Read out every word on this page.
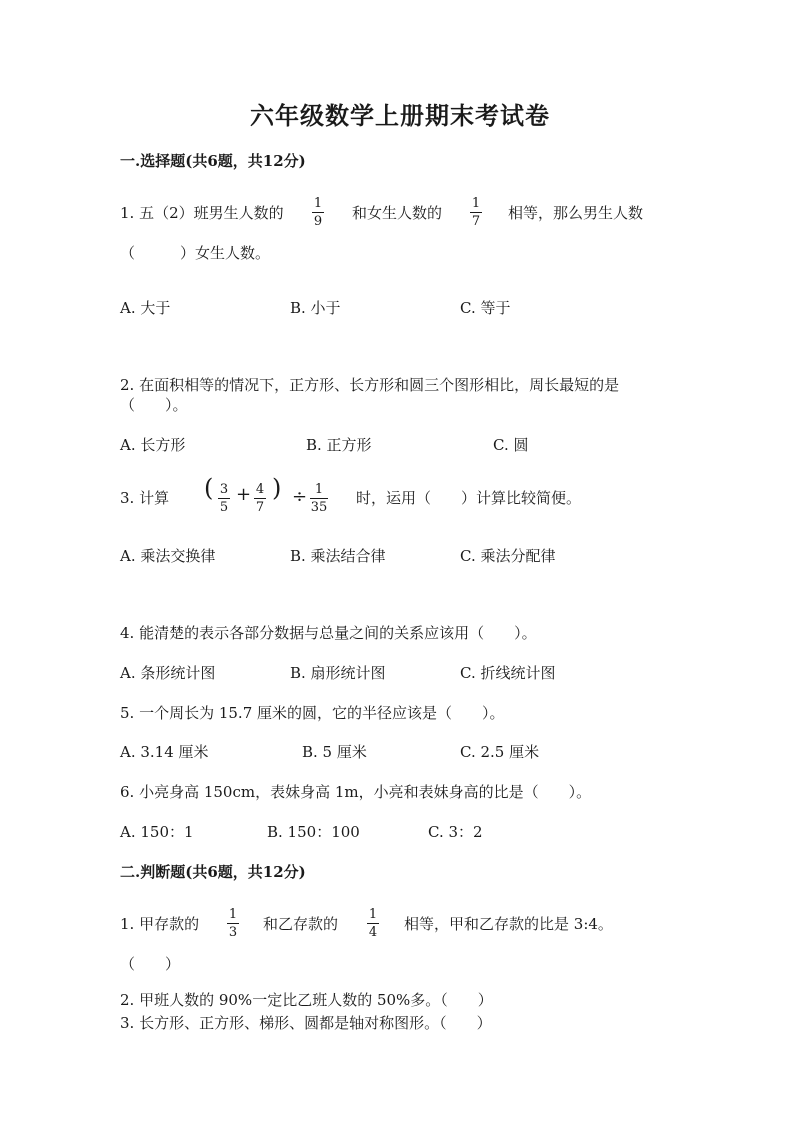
六年级数学上册期末考试卷
一.选择题(共6题，共12分)
1. 五（2）班男生人数的
1
9 和女生人数的
1
7 相等，那么男生人数
（　　　）女生人数。
A. 大于	B. 小于	C. 等于
2. 在面积相等的情况下，正方形、长方形和圆三个图形相比，周长最短的是
（　　）。
A. 长方形	B. 正方形	C. 圆
3. 计算 ( 3
5
+ 4
7
) ÷ 1
35
时，运用（　　）计算比较简便。
A. 乘法交换律	B. 乘法结合律	C. 乘法分配律
4. 能清楚的表示各部分数据与总量之间的关系应该用（　　）。
A. 条形统计图	B. 扇形统计图	C. 折线统计图
5. 一个周长为 15.7 厘米的圆，它的半径应该是（　　）。
A. 3.14 厘米	B. 5 厘米	C. 2.5 厘米
6. 小亮身高 150cm，表妹身高 1m，小亮和表妹身高的比是（　　）。
A. 150：1	B. 150：100	C. 3：2
二.判断题(共6题，共12分)
1. 甲存款的
1
3 和乙存款的
1
4 相等，甲和乙存款的比是 3:4。
（　　）
2. 甲班人数的 90%一定比乙班人数的 50%多。（　　）
3. 长方形、正方形、梯形、圆都是轴对称图形。（　　）
